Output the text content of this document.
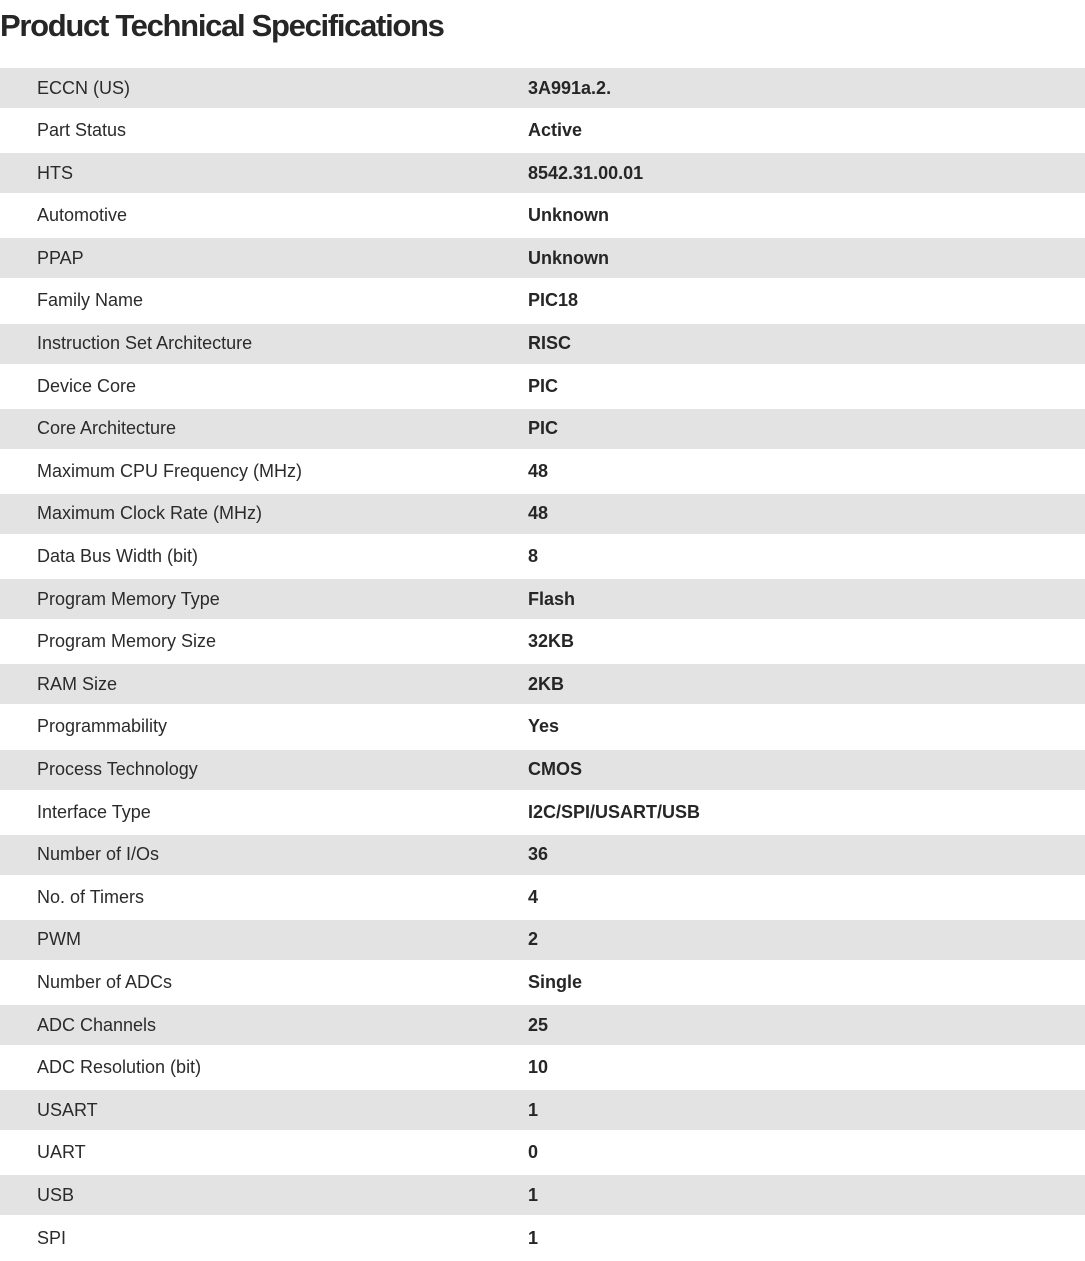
Product Technical Specifications
ECCN (US)	3A991a.2.
Part Status	Active
HTS	8542.31.00.01
Automotive	Unknown
PPAP	Unknown
Family Name	PIC18
Instruction Set Architecture	RISC
Device Core	PIC
Core Architecture	PIC
Maximum CPU Frequency (MHz)	48
Maximum Clock Rate (MHz)	48
Data Bus Width (bit)	8
Program Memory Type	Flash
Program Memory Size	32KB
RAM Size	2KB
Programmability	Yes
Process Technology	CMOS
Interface Type	I2C/SPI/USART/USB
Number of I/Os	36
No. of Timers	4
PWM	2
Number of ADCs	Single
ADC Channels	25
ADC Resolution (bit)	10
USART	1
UART	0
USB	1
SPI	1
